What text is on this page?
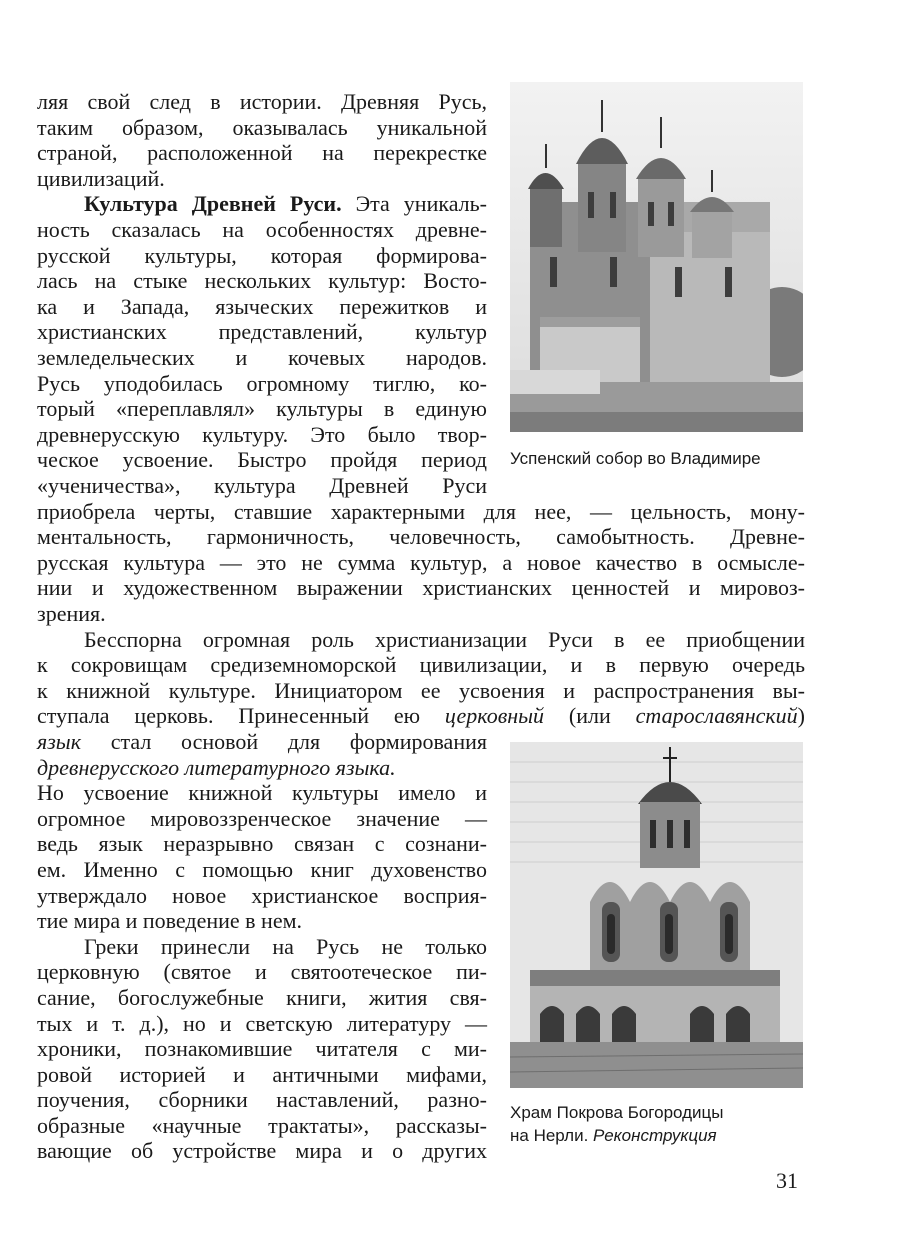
Успенский собор во Владимире
Храм Покрова Богородицы
на Нерли. Реконструкция
ляя свой след в истории. Древняя Русь,
таким образом, оказывалась уникальной
страной, расположенной на перекрестке
цивилизаций.
Культура Древней Руси. Эта уникаль-
ность сказалась на особенностях древне-
русской культуры, которая формирова-
лась на стыке нескольких культур: Восто-
ка и Запада, языческих пережитков и
христианских представлений, культур
земледельческих и кочевых народов.
Русь уподобилась огромному тиглю, ко-
торый «переплавлял» культуры в единую
древнерусскую культуру. Это было твор-
ческое усвоение. Быстро пройдя период
«ученичества», культура Древней Руси
приобрела черты, ставшие характерными для нее, — цельность, мону-
ментальность, гармоничность, человечность, самобытность. Древне-
русская культура — это не сумма культур, а новое качество в осмысле-
нии и художественном выражении христианских ценностей и мировоз-
зрения.
Бесспорна огромная роль христианизации Руси в ее приобщении
к сокровищам средиземноморской цивилизации, и в первую очередь
к книжной культуре. Инициатором ее усвоения и распространения вы-
ступала церковь. Принесенный ею церковный (или старославянский)
язык стал основой для формирования
древнерусского литературного языка.
Но усвоение книжной культуры имело и
огромное мировоззренческое значение —
ведь язык неразрывно связан с сознани-
ем. Именно с помощью книг духовенство
утверждало новое христианское восприя-
тие мира и поведение в нем.
Греки принесли на Русь не только
церковную (святое и святоотеческое пи-
сание, богослужебные книги, жития свя-
тых и т. д.), но и светскую литературу —
хроники, познакомившие читателя с ми-
ровой историей и античными мифами,
поучения, сборники наставлений, разно-
31
образные «научные трактаты», рассказы-
вающие об устройстве мира и о других
